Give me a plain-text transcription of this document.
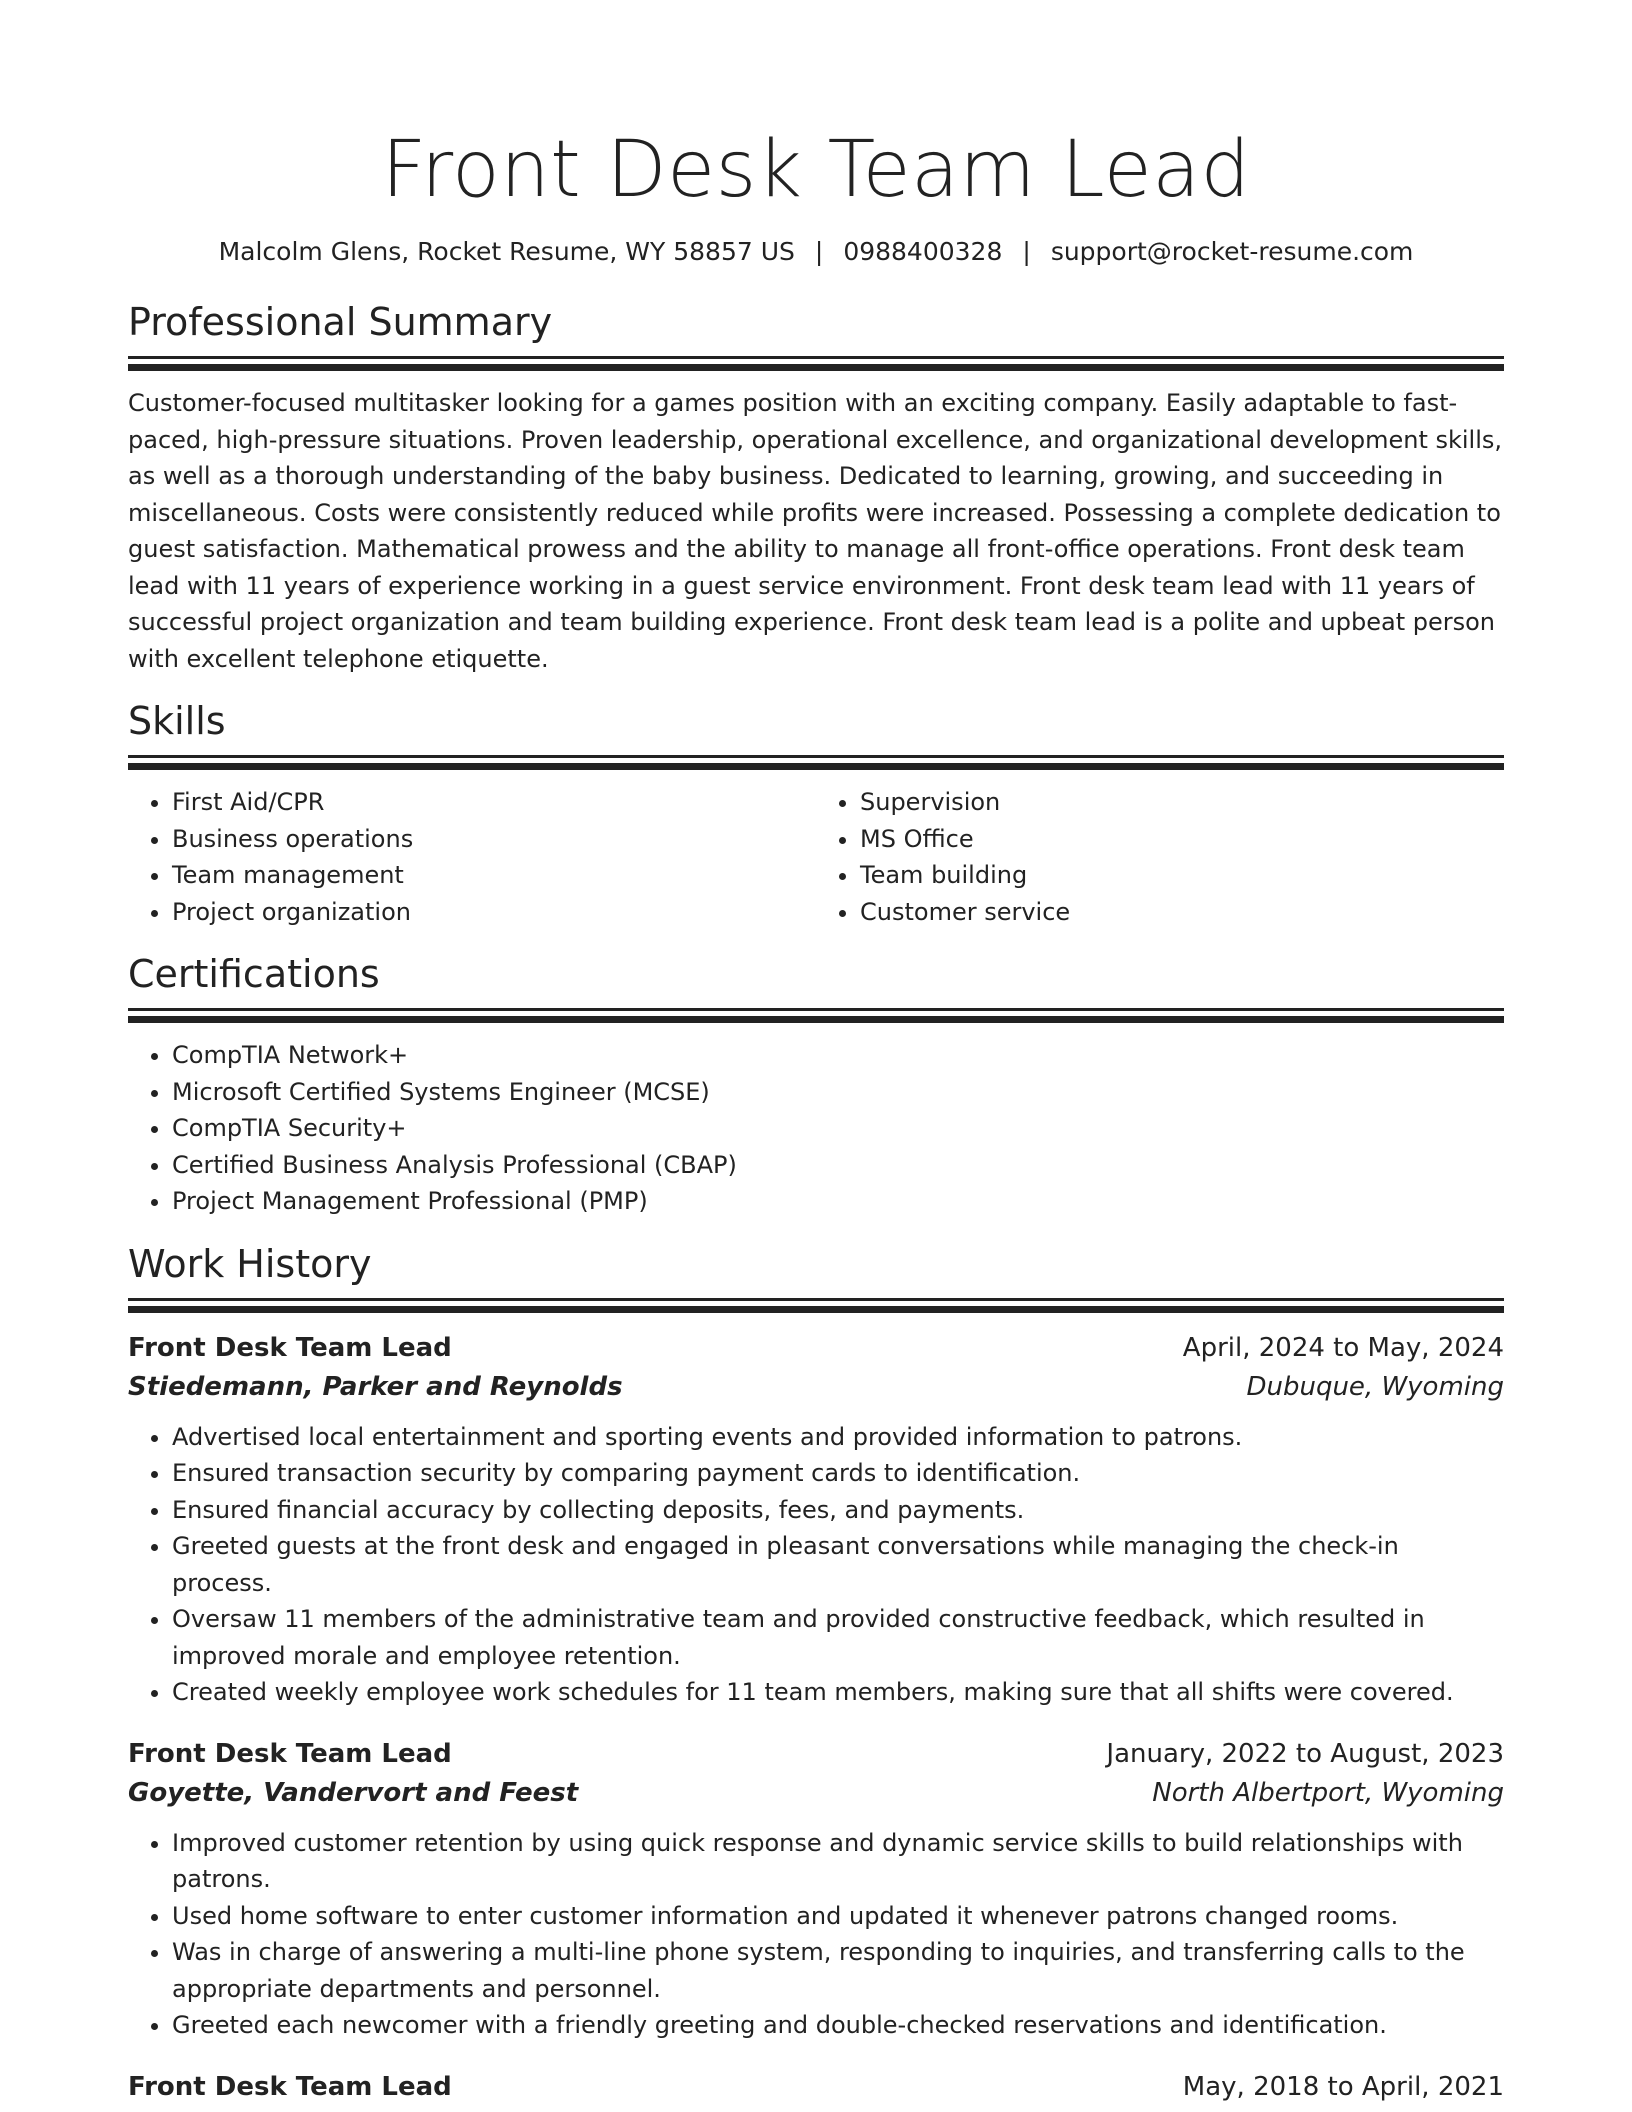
Front Desk Team Lead
Malcolm Glens, Rocket Resume, WY 58857 US | 0988400328 | support@rocket-resume.com
Professional Summary
Customer-focused multitasker looking for a games position with an exciting company. Easily adaptable to fast-paced, high-pressure situations. Proven leadership, operational excellence, and organizational development skills, as well as a thorough understanding of the baby business. Dedicated to learning, growing, and succeeding in miscellaneous. Costs were consistently reduced while profits were increased. Possessing a complete dedication to guest satisfaction. Mathematical prowess and the ability to manage all front-office operations. Front desk team lead with 11 years of experience working in a guest service environment. Front desk team lead with 11 years of successful project organization and team building experience. Front desk team lead is a polite and upbeat person with excellent telephone etiquette.
Skills
• First Aid/CPR
• Business operations
• Team management
• Project organization
• Supervision
• MS Office
• Team building
• Customer service
Certifications
• CompTIA Network+
• Microsoft Certified Systems Engineer (MCSE)
• CompTIA Security+
• Certified Business Analysis Professional (CBAP)
• Project Management Professional (PMP)
Work History
Front Desk Team Lead	April, 2024 to May, 2024
Stiedemann, Parker and Reynolds	Dubuque, Wyoming
• Advertised local entertainment and sporting events and provided information to patrons.
• Ensured transaction security by comparing payment cards to identification.
• Ensured financial accuracy by collecting deposits, fees, and payments.
• Greeted guests at the front desk and engaged in pleasant conversations while managing the check-in process.
• Oversaw 11 members of the administrative team and provided constructive feedback, which resulted in improved morale and employee retention.
• Created weekly employee work schedules for 11 team members, making sure that all shifts were covered.
Front Desk Team Lead	January, 2022 to August, 2023
Goyette, Vandervort and Feest	North Albertport, Wyoming
• Improved customer retention by using quick response and dynamic service skills to build relationships with patrons.
• Used home software to enter customer information and updated it whenever patrons changed rooms.
• Was in charge of answering a multi-line phone system, responding to inquiries, and transferring calls to the appropriate departments and personnel.
• Greeted each newcomer with a friendly greeting and double-checked reservations and identification.
Front Desk Team Lead	May, 2018 to April, 2021
